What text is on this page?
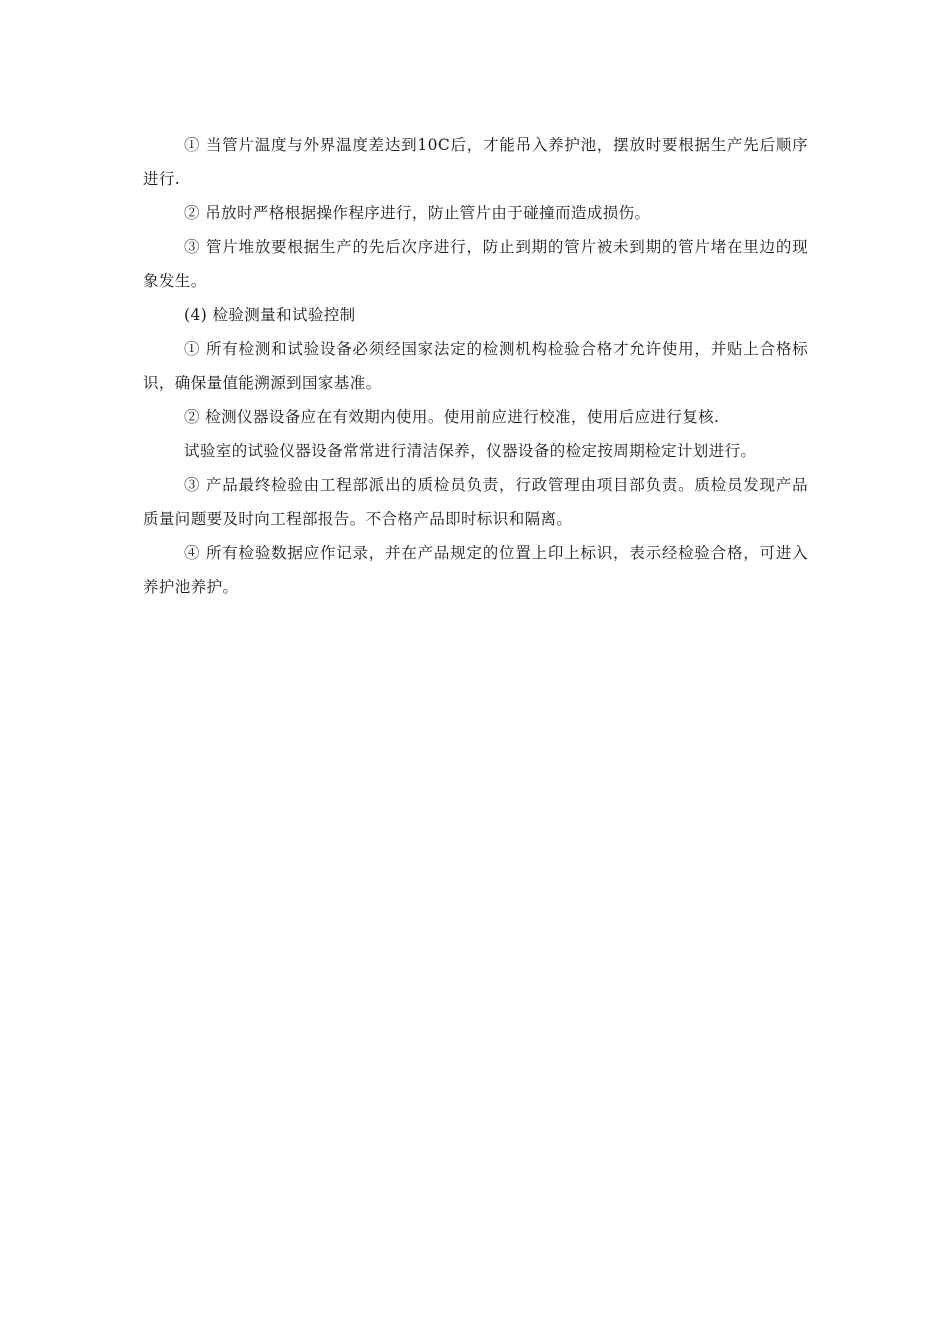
① 当管片温度与外界温度差达到10C后，才能吊入养护池，摆放时要根据生产先后顺序进行.

② 吊放时严格根据操作程序进行，防止管片由于碰撞而造成损伤。

③ 管片堆放要根据生产的先后次序进行，防止到期的管片被未到期的管片堵在里边的现象发生。

(4) 检验测量和试验控制

① 所有检测和试验设备必须经国家法定的检测机构检验合格才允许使用，并贴上合格标识，确保量值能溯源到国家基准。

② 检测仪器设备应在有效期内使用。使用前应进行校准，使用后应进行复核.

试验室的试验仪器设备常常进行清洁保养，仪器设备的检定按周期检定计划进行。

③ 产品最终检验由工程部派出的质检员负责，行政管理由项目部负责。质检员发现产品质量问题要及时向工程部报告。不合格产品即时标识和隔离。

④ 所有检验数据应作记录，并在产品规定的位置上印上标识，表示经检验合格，可进入养护池养护。
